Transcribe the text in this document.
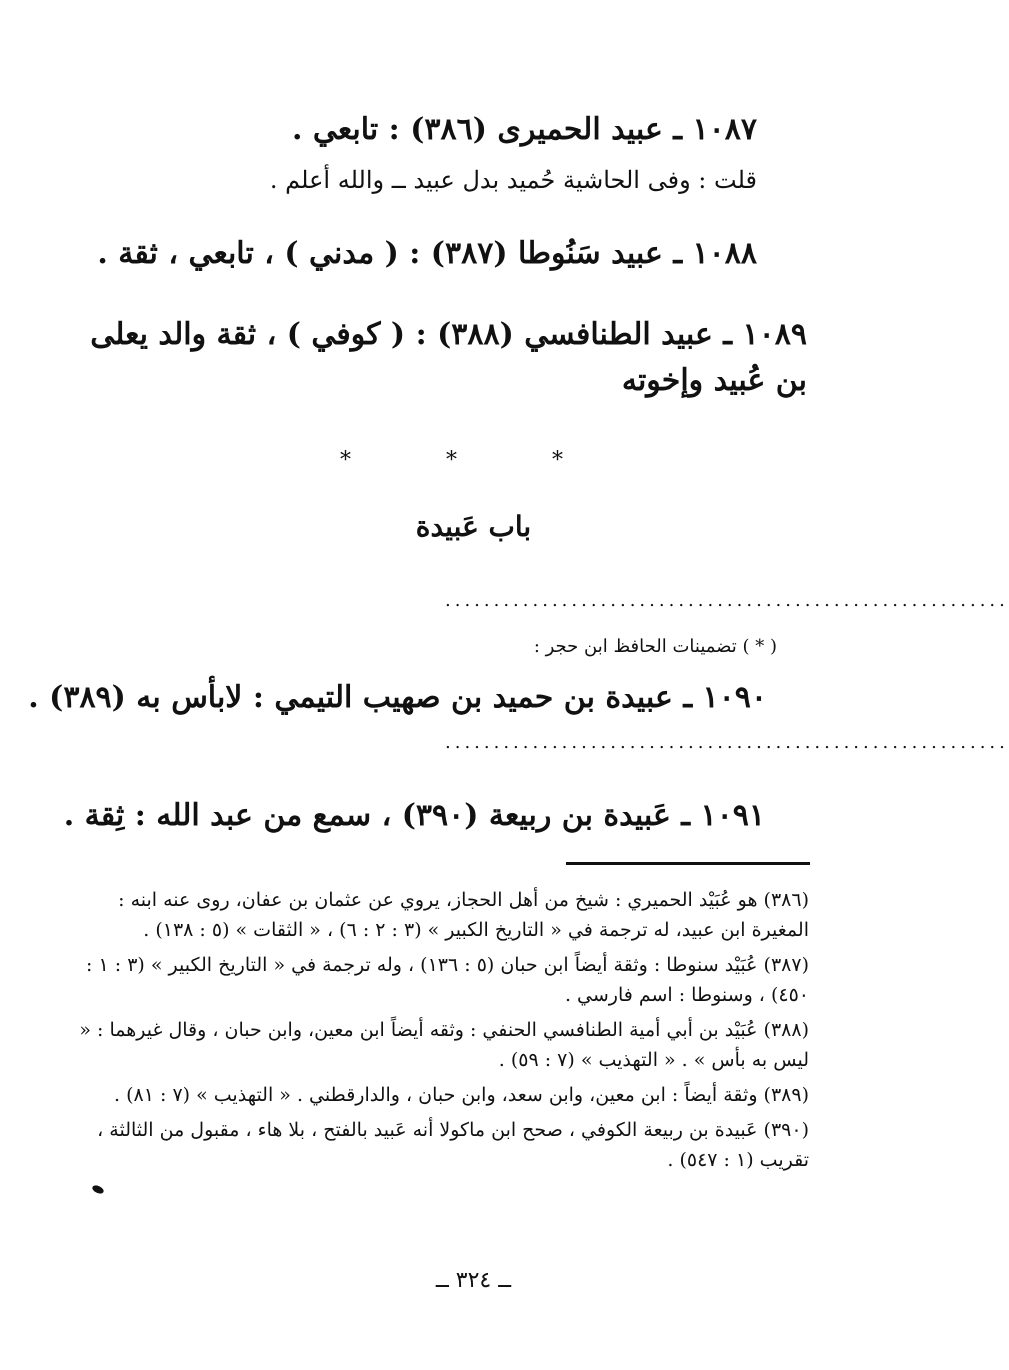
١٠٨٧ ـ عبيد الحميرى (٣٨٦) : تابعي .
قلت : وفى الحاشية حُميد بدل عبيد ــ والله أعلم .
١٠٨٨ ـ عبيد سَنُوطا (٣٨٧) : ( مدني ) ، تابعي ، ثقة .
١٠٨٩ ـ عبيد الطنافسي (٣٨٨) : ( كوفي ) ، ثقة والد يعلى بن عُبيد وإخوته
* * *
باب عَبيدة
..........................................................
( * ) تضمينات الحافظ ابن حجر :
١٠٩٠ ـ عبيدة بن حميد بن صهيب التيمي : لابأس به (٣٨٩) .
..........................................................
١٠٩١ ـ عَبيدة بن ربيعة (٣٩٠) ، سمع من عبد الله : ثِقة .

(٣٨٦) هو عُبَيْد الحميري : شيخ من أهل الحجاز، يروي عن عثمان بن عفان، روى عنه ابنه : المغيرة ابن عبيد، له ترجمة في « التاريخ الكبير » (٣ : ٢ : ٦) ، « الثقات » (٥ : ١٣٨) .

(٣٨٧) عُبَيْد سنوطا : وثقة أيضاً ابن حبان (٥ : ١٣٦) ، وله ترجمة في « التاريخ الكبير » (٣ : ١ : ٤٥٠) ، وسنوطا : اسم فارسي .

(٣٨٨) عُبَيْد بن أبي أمية الطنافسي الحنفي : وثقه أيضاً ابن معين، وابن حبان ، وقال غيرهما : « ليس به بأس » . « التهذيب » (٧ : ٥٩) .

(٣٨٩) وثقة أيضاً : ابن معين، وابن سعد، وابن حبان ، والدارقطني . « التهذيب » (٧ : ٨١) .

(٣٩٠) عَبيدة بن ربيعة الكوفي ، صحح ابن ماكولا أنه عَبيد بالفتح ، بلا هاء ، مقبول من الثالثة ، تقريب (١ : ٥٤٧) .

ــ ٣٢٤ ــ
